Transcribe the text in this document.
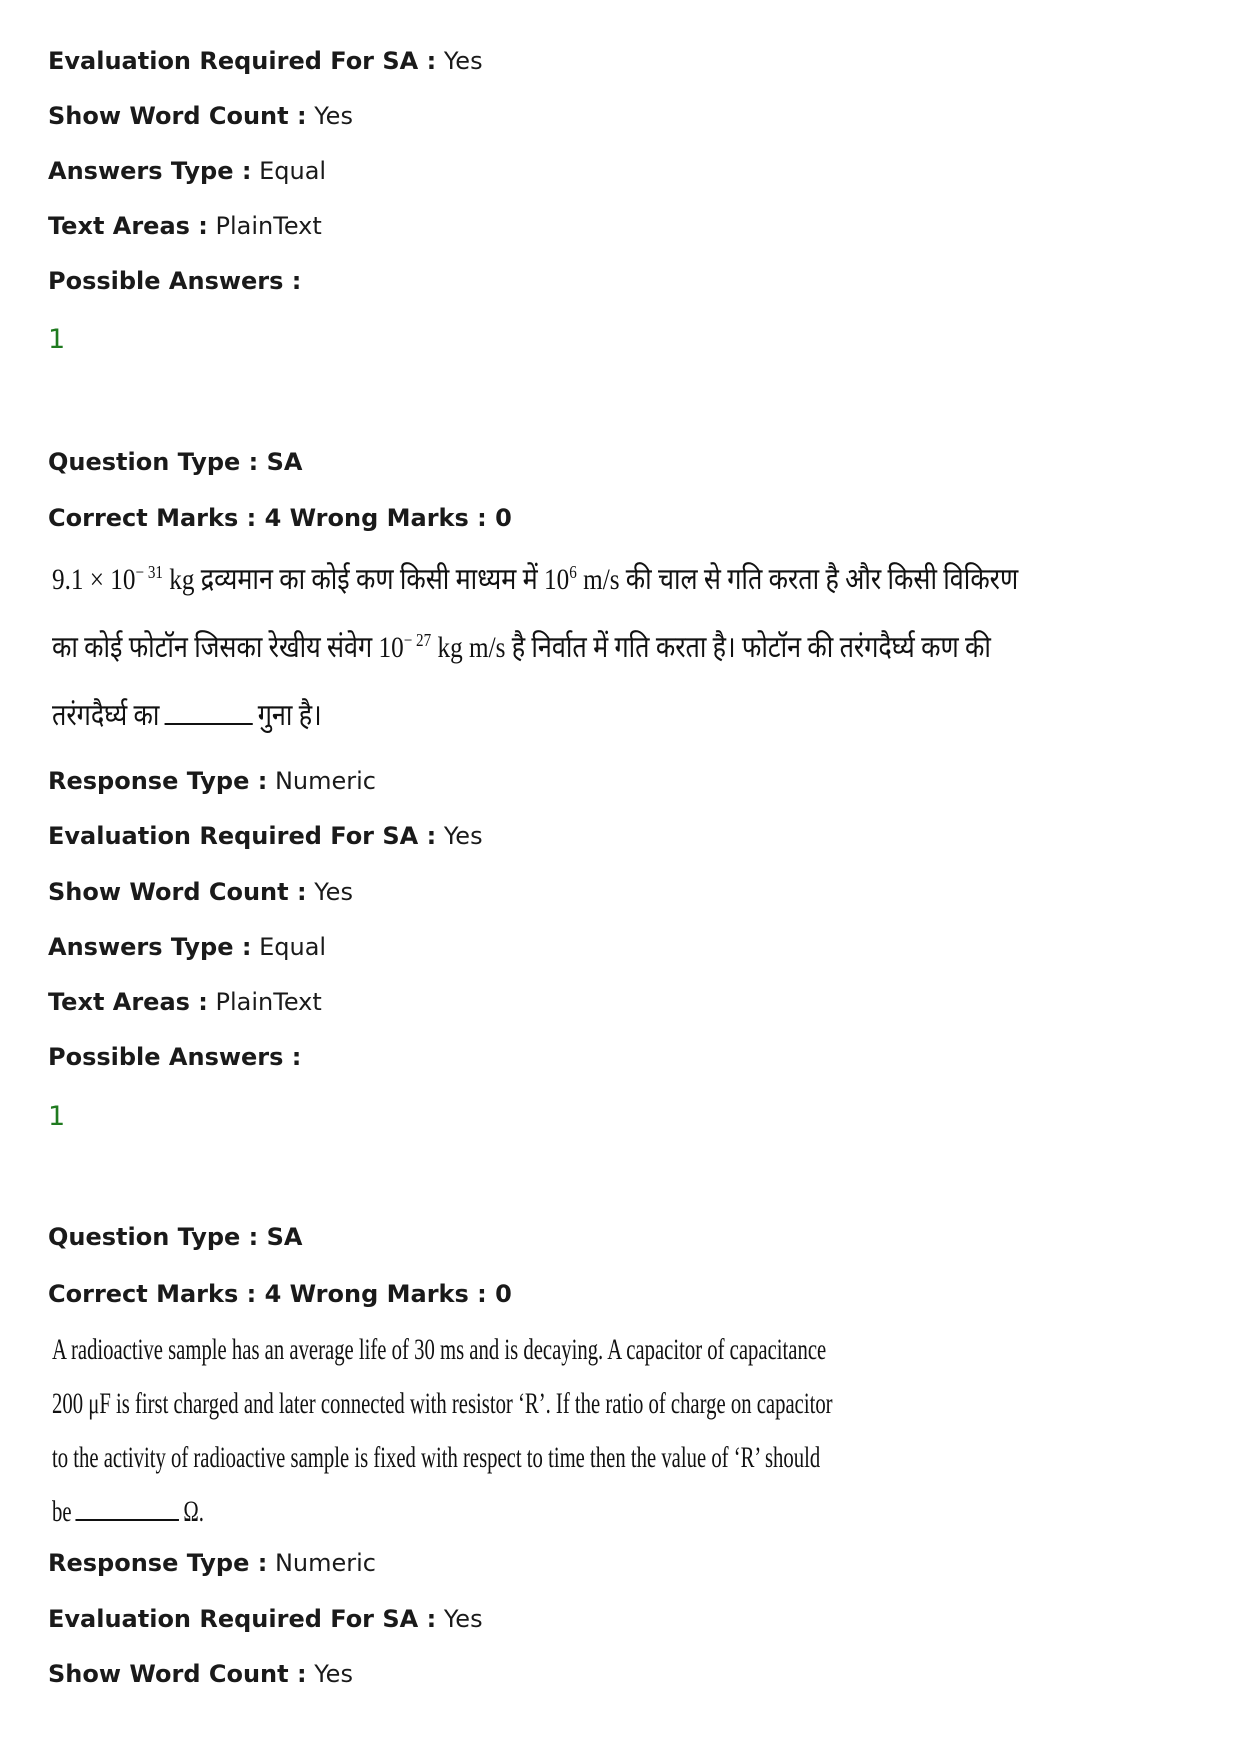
Evaluation Required For SA : Yes
Show Word Count : Yes
Answers Type : Equal
Text Areas : PlainText
Possible Answers :
1
Question Type : SA
Correct Marks : 4 Wrong Marks : 0
$9.1 \times 10^{- 31}$ kg द्रव्यमान का कोई कण किसी माध्यम में $10^6$ m/s की चाल से गति करता है और किसी विकिरण
का कोई फोटॉन जिसका रेखीय संवेग $10^{- 27}$ kg m/s है निर्वात में गति करता है। फोटॉन की तरंगदैर्घ्य कण की
तरंगदैर्घ्य का	गुना है।
Response Type : Numeric
Evaluation Required For SA : Yes
Show Word Count : Yes
Answers Type : Equal
Text Areas : PlainText
Possible Answers :
1
Question Type : SA
Correct Marks : 4 Wrong Marks : 0
A radioactive sample has an average life of 30 ms and is decaying. A capacitor of capacitance
200 μF is first charged and later connected with resistor ‘R’. If the ratio of charge on capacitor
to the activity of radioactive sample is fixed with respect to time then the value of ‘R’ should
be	Ω.
Response Type : Numeric
Evaluation Required For SA : Yes
Show Word Count : Yes
